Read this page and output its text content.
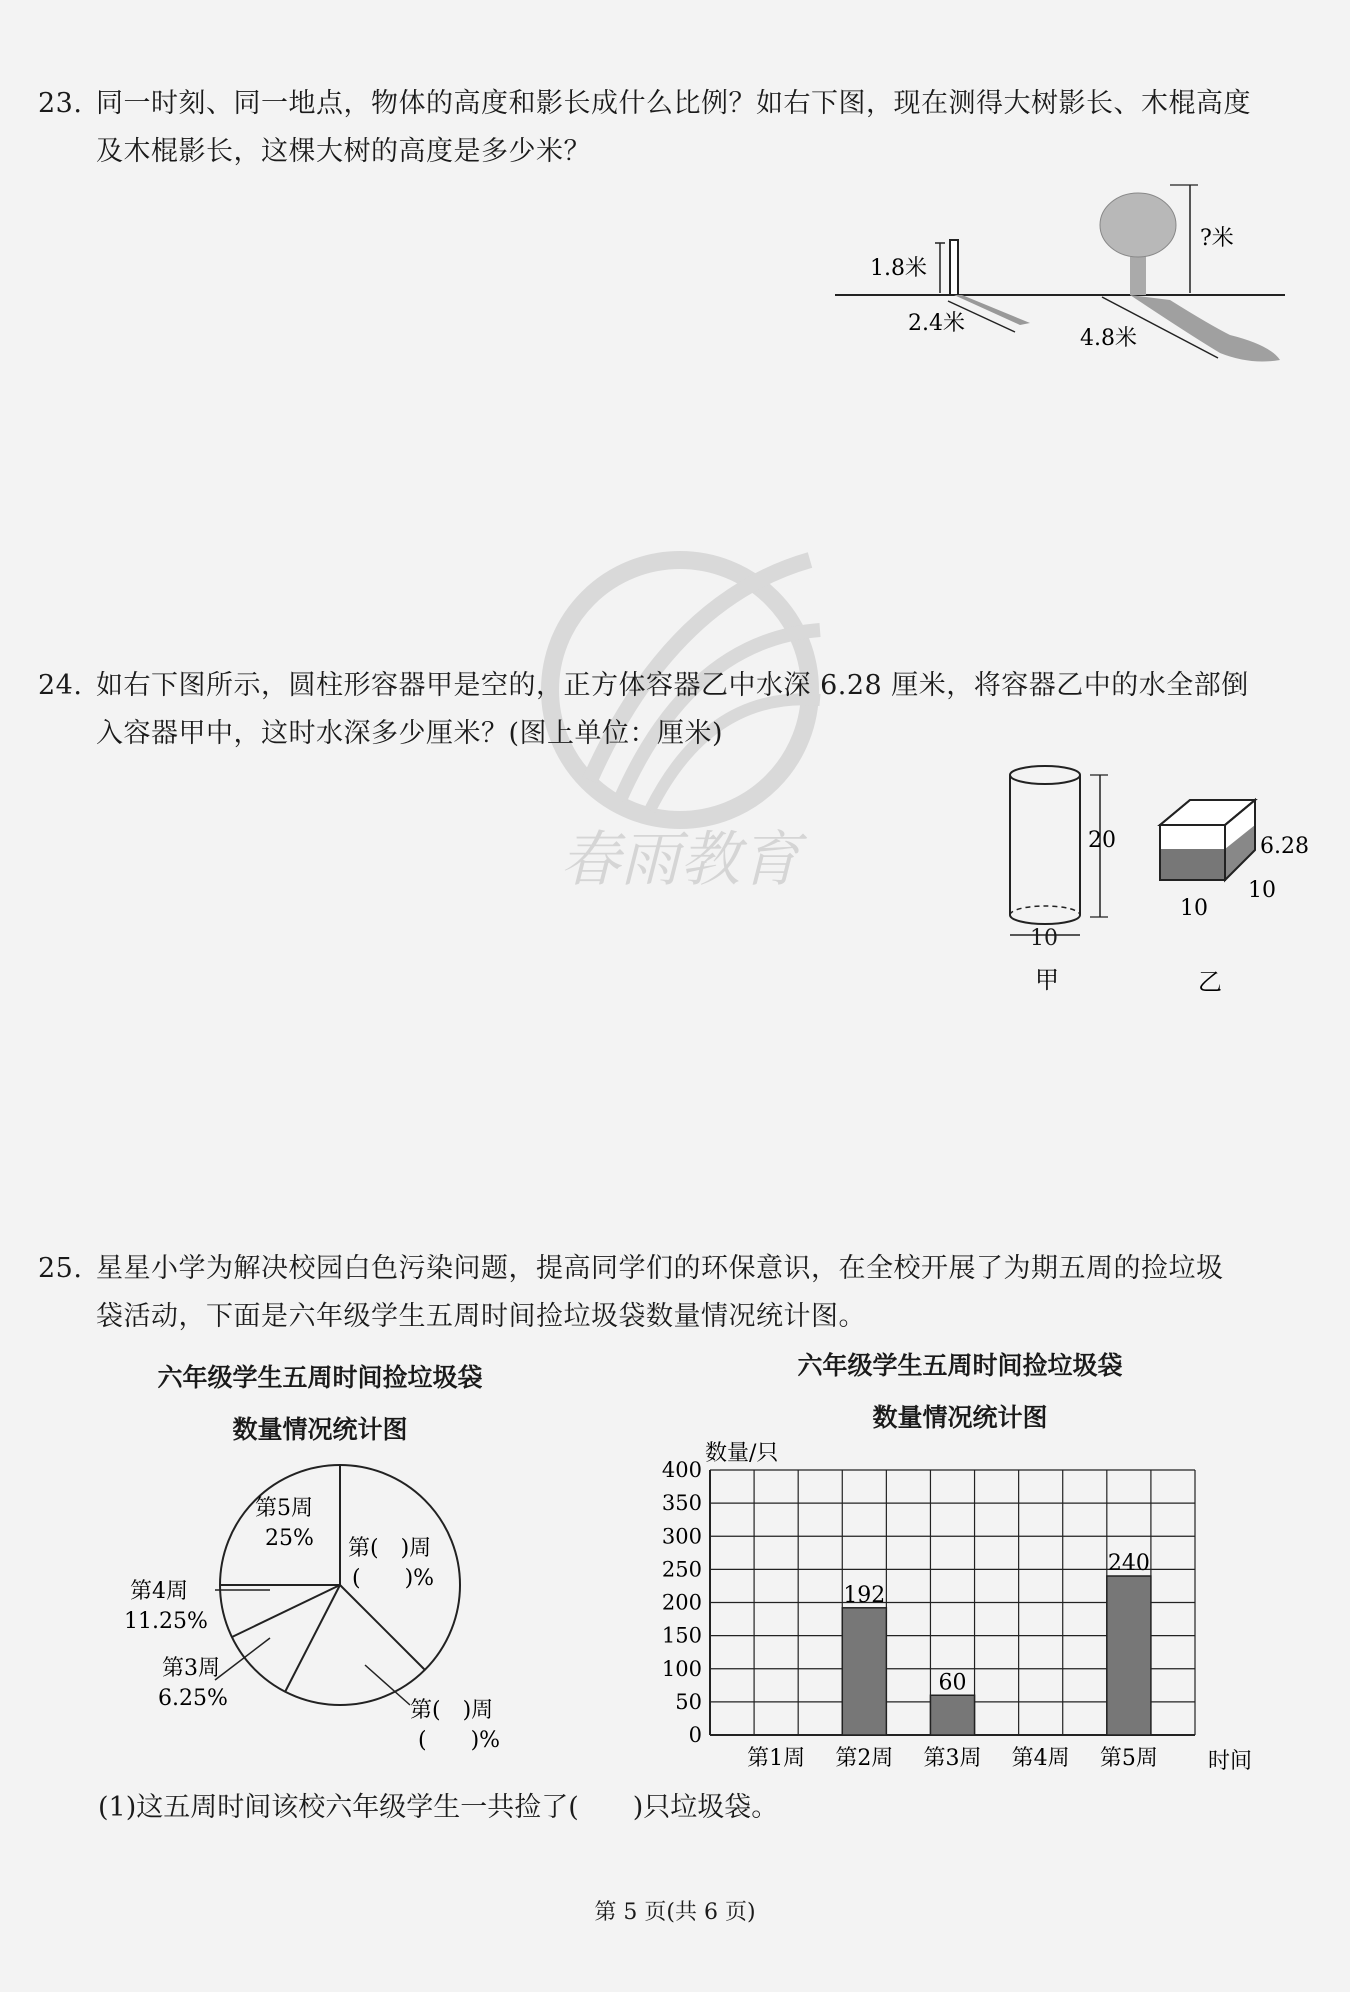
23. 同一时刻、同一地点，物体的高度和影长成什么比例？如右下图，现在测得大树影长、木棍高度
及木棍影长，这棵大树的高度是多少米？
1.8米
2.4米
?米
4.8米
春雨教育
24. 如右下图所示，圆柱形容器甲是空的，正方体容器乙中水深 6.28 厘米，将容器乙中的水全部倒
入容器甲中，这时水深多少厘米？(图上单位：厘米)
20
10
甲
6.28
10
10
乙
25. 星星小学为解决校园白色污染问题，提高同学们的环保意识，在全校开展了为期五周的捡垃圾
袋活动，下面是六年级学生五周时间捡垃圾袋数量情况统计图。
六年级学生五周时间捡垃圾袋
数量情况统计图
六年级学生五周时间捡垃圾袋
数量情况统计图
第5周
25% 第(　)周
(　　)%
第(　)周
(　　)%
第3周
6.25%
第4周
11.25%
数量/只
0
50
100
150
200
250
300
350
400
192
60
240
第1周 第2周 第3周 第4周 第5周 时间
(1)这五周时间该校六年级学生一共捡了(　　)只垃圾袋。
第 5 页(共 6 页)
